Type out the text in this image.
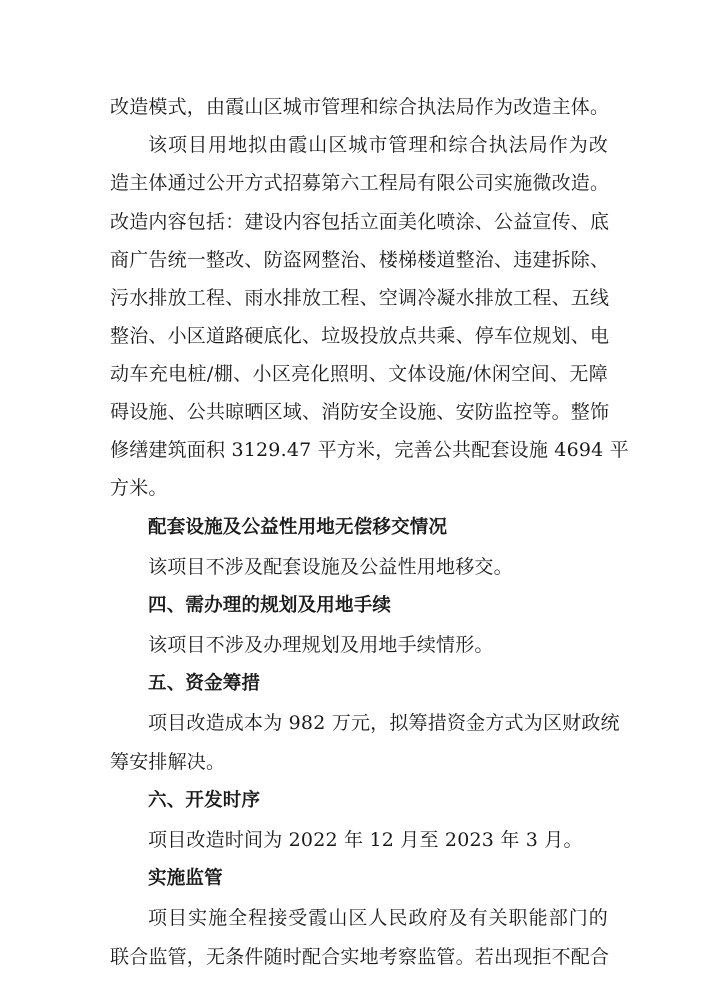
改造模式，由霞山区城市管理和综合执法局作为改造主体。
该项目用地拟由霞山区城市管理和综合执法局作为改
造主体通过公开方式招募第六工程局有限公司实施微改造。
改造内容包括：建设内容包括立面美化喷涂、公益宣传、底
商广告统一整改、防盗网整治、楼梯楼道整治、违建拆除、
污水排放工程、雨水排放工程、空调冷凝水排放工程、五线
整治、小区道路硬底化、垃圾投放点共乘、停车位规划、电
动车充电桩/棚、小区亮化照明、文体设施/休闲空间、无障
碍设施、公共晾晒区域、消防安全设施、安防监控等。整饰
修缮建筑面积 3129.47 平方米，完善公共配套设施 4694 平
方米。
配套设施及公益性用地无偿移交情况
该项目不涉及配套设施及公益性用地移交。
四、需办理的规划及用地手续
该项目不涉及办理规划及用地手续情形。
五、资金筹措
项目改造成本为 982 万元，拟筹措资金方式为区财政统
筹安排解决。
六、开发时序
项目改造时间为 2022 年 12 月至 2023 年 3 月。
实施监管
项目实施全程接受霞山区人民政府及有关职能部门的
联合监管，无条件随时配合实地考察监管。若出现拒不配合
